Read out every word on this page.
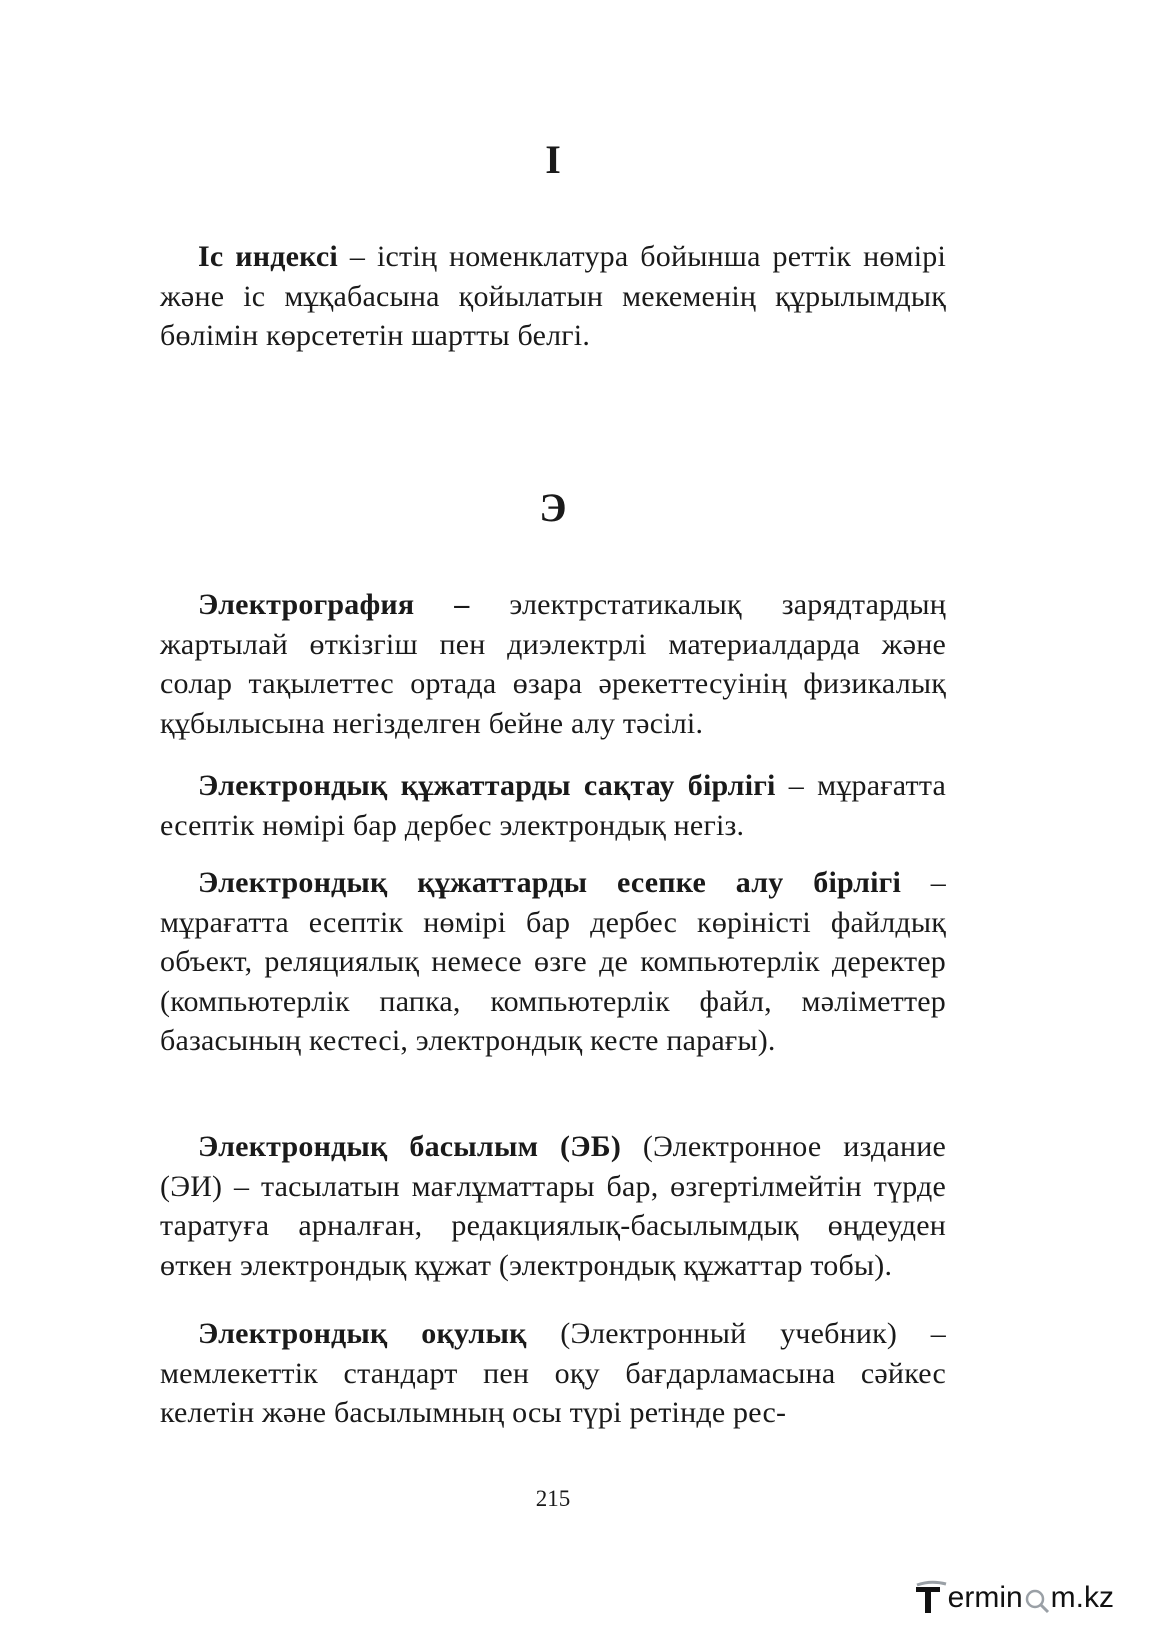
І

Іс индексі – істің номенклатура бойынша реттік нөмірі және іс мұқабасына қойылатын мекеменің құрылымдық бөлімін көрсететін шартты белгі.

Э

Электрография – электрстатикалық зарядтардың жартылай өткізгіш пен диэлектрлі материалдарда және солар тақылеттес ортада өзара әрекеттесуінің физикалық құбылысына негізделген бейне алу тәсілі.

Электрондық құжаттарды сақтау бірлігі – мұрағатта есептік нөмірі бар дербес электрондық негіз.

Электрондық құжаттарды есепке алу бірлігі – мұрағатта есептік нөмірі бар дербес көріністі файлдық объект, реляциялық немесе өзге де компьютерлік деректер (компьютерлік папка, компьютерлік файл, мәліметтер базасының кестесі, электрондық кесте парағы).

Электрондық басылым (ЭБ) (Электронное издание (ЭИ) – тасылатын мағлұматтары бар, өзгертілмейтін түрде таратуға арналған, редакциялық-басылымдық өңдеуден өткен электрондық құжат (электрондық құжаттар тобы).

Электрондық оқулық (Электронный учебник) – мемлекеттік стандарт пен оқу бағдарламасына сәйкес келетін және басылымның осы түрі ретінде рес-

215

ermin m.kz
